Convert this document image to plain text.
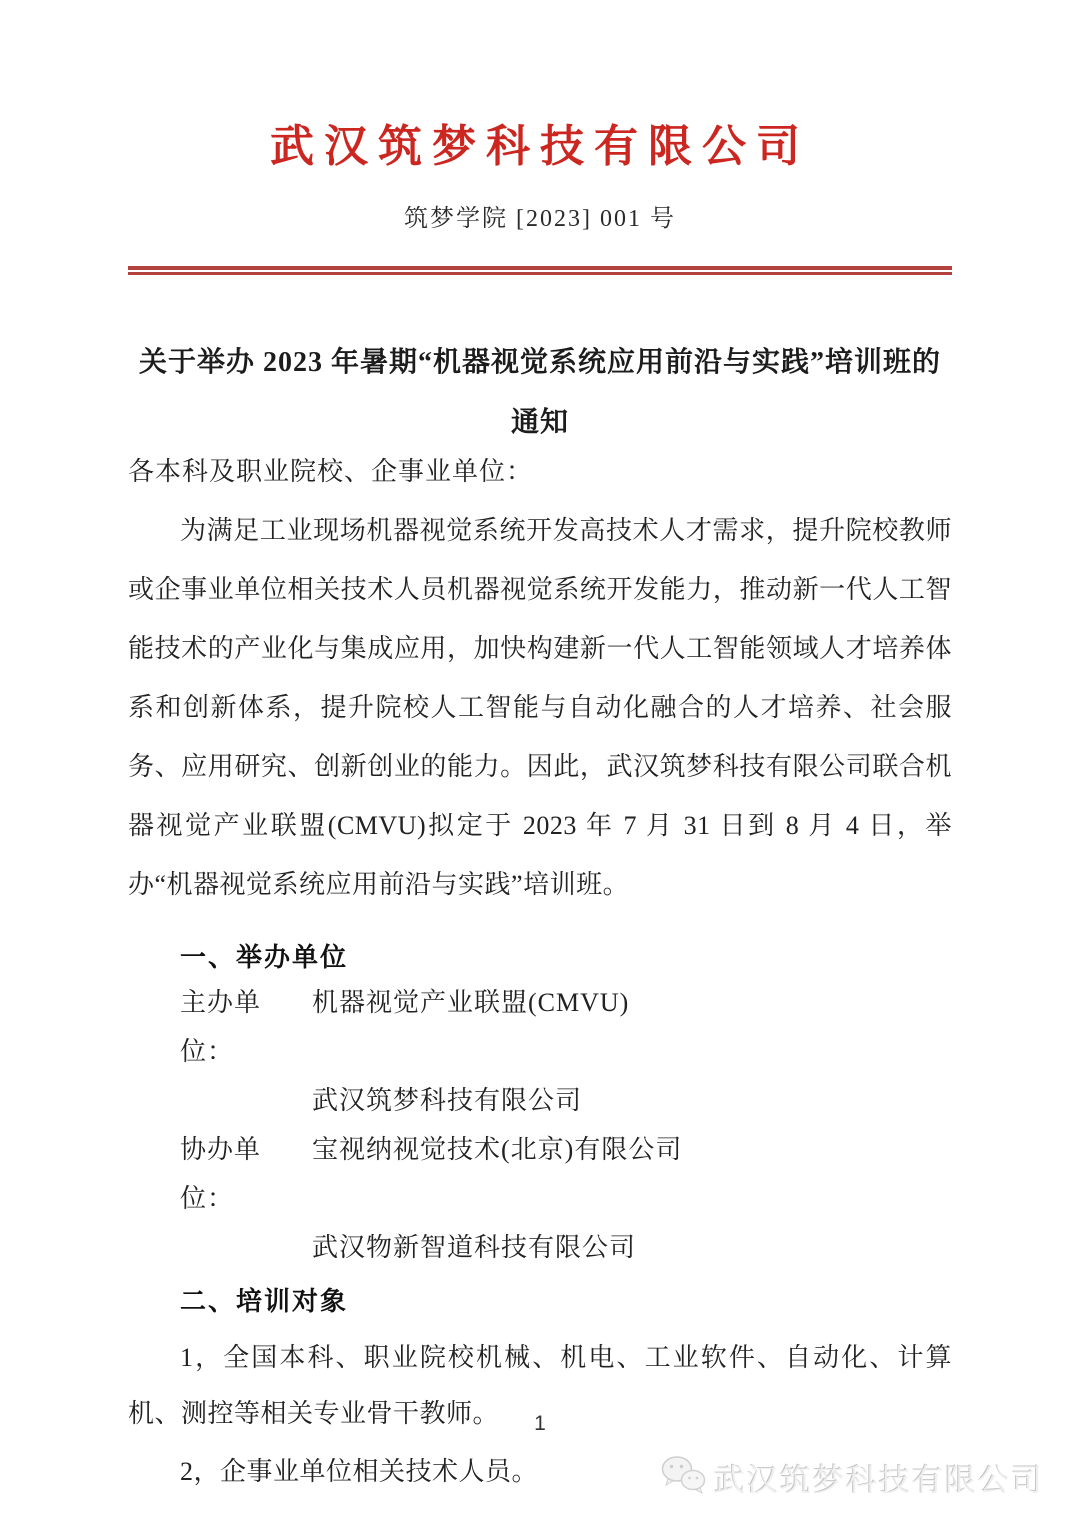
武汉筑梦科技有限公司
筑梦学院 [2023] 001 号
关于举办 2023 年暑期“机器视觉系统应用前沿与实践”培训班的
通知
各本科及职业院校、企事业单位：

为满足工业现场机器视觉系统开发高技术人才需求，提升院校教师或企事业单位相关技术人员机器视觉系统开发能力，推动新一代人工智能技术的产业化与集成应用，加快构建新一代人工智能领域人才培养体系和创新体系，提升院校人工智能与自动化融合的人才培养、社会服务、应用研究、创新创业的能力。因此，武汉筑梦科技有限公司联合机器视觉产业联盟(CMVU)拟定于 2023 年 7 月 31 日到 8 月 4 日，举办“机器视觉系统应用前沿与实践”培训班。

一、举办单位
主办单位：
机器视觉产业联盟(CMVU)
武汉筑梦科技有限公司
协办单位：
宝视纳视觉技术(北京)有限公司
武汉物新智道科技有限公司
二、培训对象

1，全国本科、职业院校机械、机电、工业软件、自动化、计算机、测控等相关专业骨干教师。

2，企事业单位相关技术人员。

1
武汉筑梦科技有限公司
